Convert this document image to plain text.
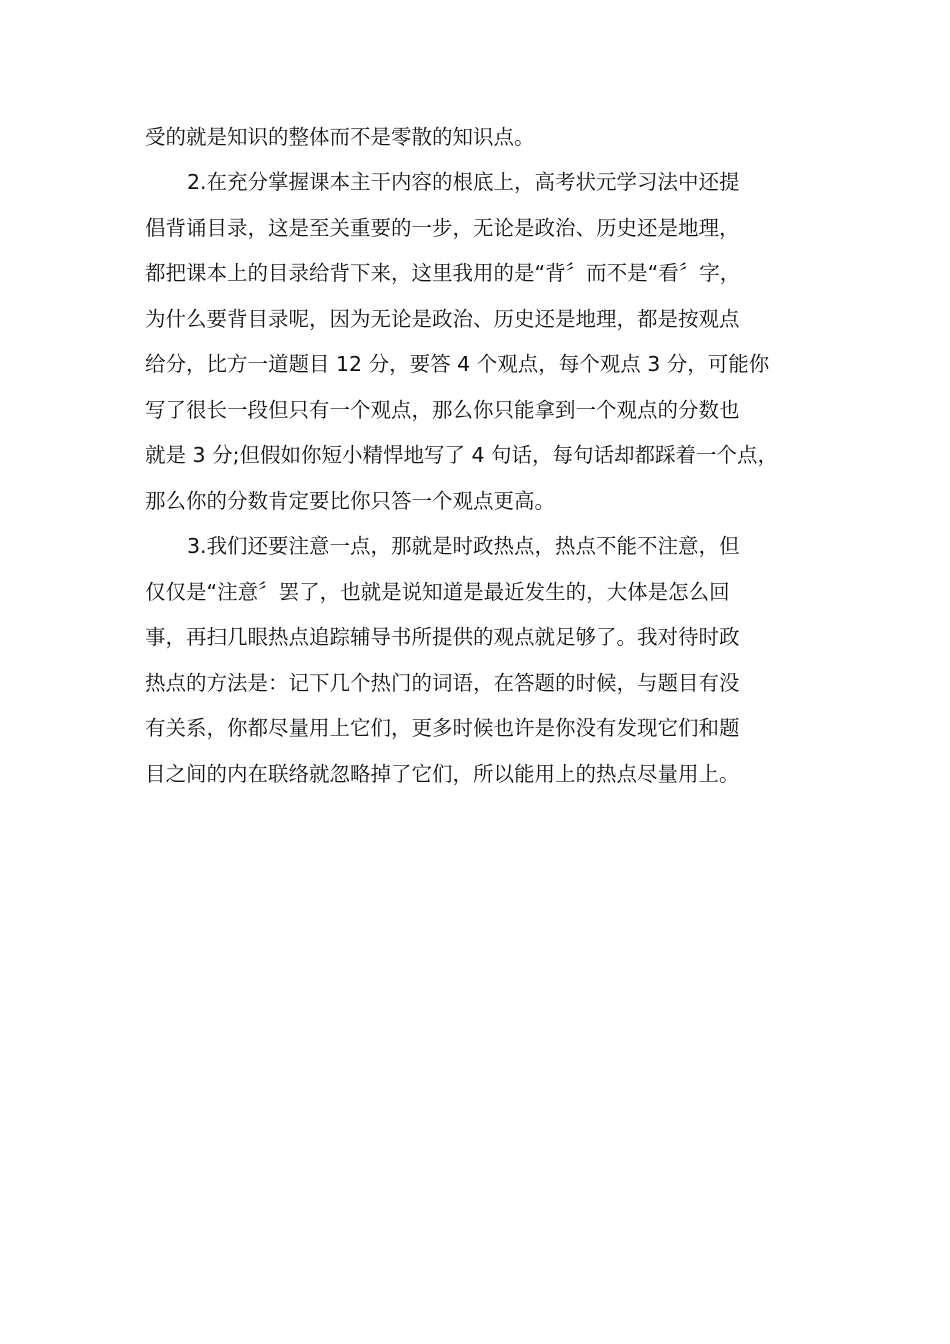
受的就是知识的整体而不是零散的知识点。
2.在充分掌握课本主干内容的根底上，高考状元学习法中还提
倡背诵目录，这是至关重要的一步，无论是政治、历史还是地理，
都把课本上的目录给背下来，这里我用的是“背〞而不是“看〞字，
为什么要背目录呢，因为无论是政治、历史还是地理，都是按观点
给分，比方一道题目 12 分，要答 4 个观点，每个观点 3 分，可能你
写了很长一段但只有一个观点，那么你只能拿到一个观点的分数也
就是 3 分;但假如你短小精悍地写了 4 句话，每句话却都踩着一个点，
那么你的分数肯定要比你只答一个观点更高。
3.我们还要注意一点，那就是时政热点，热点不能不注意，但
仅仅是“注意〞罢了，也就是说知道是最近发生的，大体是怎么回
事，再扫几眼热点追踪辅导书所提供的观点就足够了。我对待时政
热点的方法是：记下几个热门的词语，在答题的时候，与题目有没
有关系，你都尽量用上它们，更多时候也许是你没有发现它们和题
目之间的内在联络就忽略掉了它们，所以能用上的热点尽量用上。
